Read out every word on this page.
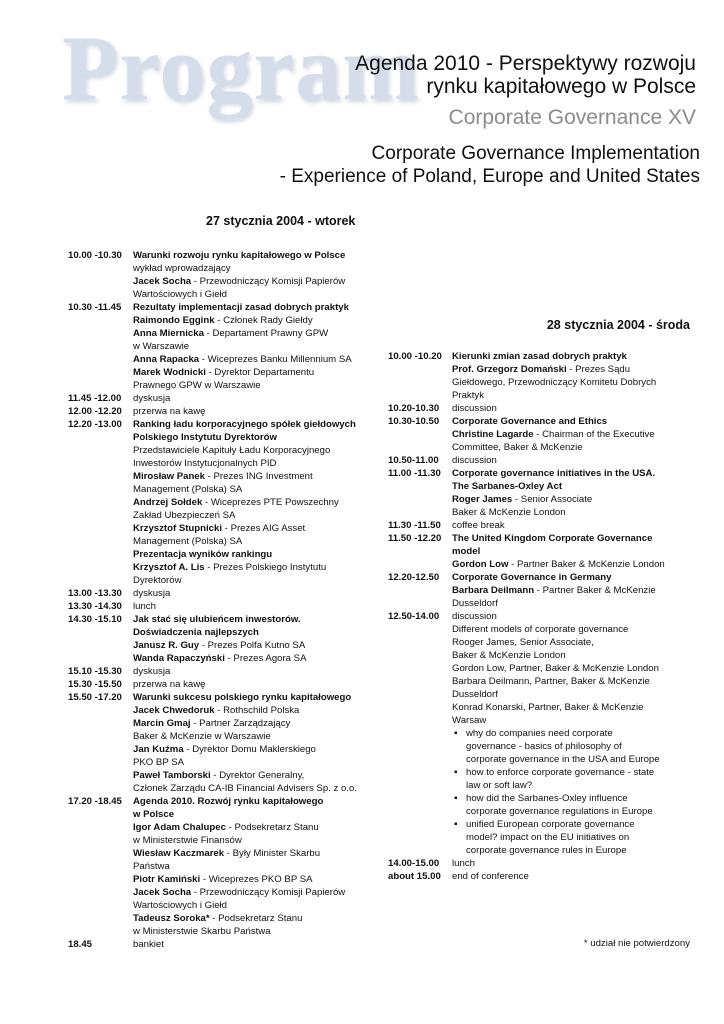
Program
Agenda 2010 - Perspektywy rozwoju
rynku kapitałowego w Polsce
Corporate Governance XV
Corporate Governance Implementation
- Experience of Poland, Europe and United States
27 stycznia 2004 - wtorek
28 stycznia 2004 - środa
10.00 -10.30	Warunki rozwoju rynku kapitałowego w Polsce
wykład wprowadzający
Jacek Socha - Przewodniczący Komisji Papierów
Wartościowych i Giełd
10.30 -11.45	Rezultaty implementacji zasad dobrych praktyk
Raimondo Eggink - Członek Rady Giełdy
Anna Miernicka - Departament Prawny GPW
w Warszawie
Anna Rapacka - Wiceprezes Banku Millennium SA
Marek Wodnicki - Dyrektor Departamentu
Prawnego GPW w Warszawie
11.45 -12.00	dyskusja
12.00 -12.20	przerwa na kawę
12.20 -13.00	Ranking ładu korporacyjnego spółek giełdowych
Polskiego Instytutu Dyrektorów
Przedstawiciele Kapituły Ładu Korporacyjnego
Inwestorów Instytucjonalnych PID
Mirosław Panek - Prezes ING Investment
Management (Polska) SA
Andrzej Sołdek - Wiceprezes PTE Powszechny
Zakład Ubezpieczeń SA
Krzysztof Stupnicki - Prezes AIG Asset
Management (Polska) SA
Prezentacja wyników rankingu
Krzysztof A. Lis - Prezes Polskiego Instytutu
Dyrektorów
13.00 -13.30	dyskusja
13.30 -14.30	lunch
14.30 -15.10	Jak stać się ulubieńcem inwestorów.
Doświadczenia najlepszych
Janusz R. Guy - Prezes Polfa Kutno SA
Wanda Rapaczyński - Prezes Agora SA
15.10 -15.30	dyskusja
15.30 -15.50	przerwa na kawę
15.50 -17.20	Warunki sukcesu polskiego rynku kapitałowego
Jacek Chwedoruk - Rothschild Polska
Marcin Gmaj - Partner Zarządzający
Baker & McKenzie w Warszawie
Jan Kuźma - Dyrektor Domu Maklerskiego
PKO BP SA
Paweł Tamborski - Dyrektor Generalny,
Członek Zarządu CA-IB Financial Advisers Sp. z o.o.
17.20 -18.45	Agenda 2010. Rozwój rynku kapitałowego
w Polsce
Igor Adam Chalupec - Podsekretarz Stanu
w Ministerstwie Finansów
Wiesław Kaczmarek - Były Minister Skarbu
Państwa
Piotr Kamiński - Wiceprezes PKO BP SA
Jacek Socha - Przewodniczący Komisji Papierów
Wartościowych i Giełd
Tadeusz Soroka* - Podsekretarz Stanu
w Ministerstwie Skarbu Państwa
18.45	bankiet
10.00 -10.20	Kierunki zmian zasad dobrych praktyk
Prof. Grzegorz Domański - Prezes Sądu
Giełdowego, Przewodniczący Komitetu Dobrych
Praktyk
10.20-10.30	discussion
10.30-10.50	Corporate Governance and Ethics
Christine Lagarde - Chairman of the Executive
Committee, Baker & McKenzie
10.50-11.00	discussion
11.00 -11.30	Corporate governance initiatives in the USA.
The Sarbanes-Oxley Act
Roger James - Senior Associate
Baker & McKenzie London
11.30 -11.50	coffee break
11.50 -12.20	The United Kingdom Corporate Governance
model
Gordon Low - Partner Baker & McKenzie London
12.20-12.50	Corporate Governance in Germany
Barbara Deilmann - Partner Baker & McKenzie
Dusseldorf
12.50-14.00	discussion
Different models of corporate governance
Rooger James, Senior Associate,
Baker & McKenzie London
Gordon Low, Partner, Baker & McKenzie London
Barbara Deilmann, Partner, Baker & McKenzie
Dusseldorf
Konrad Konarski, Partner, Baker & McKenzie
Warsaw
▪ why do companies need corporate
governance - basics of philosophy of
corporate governance in the USA and Europe
▪ how to enforce corporate governance - state
law or soft law?
▪ how did the Sarbanes-Oxley influence
corporate governance regulations in Europe
▪ unified European corporate governance
model? impact on the EU initiatives on
corporate governance rules in Europe
14.00-15.00	lunch
about 15.00	end of conference
* udział nie potwierdzony
